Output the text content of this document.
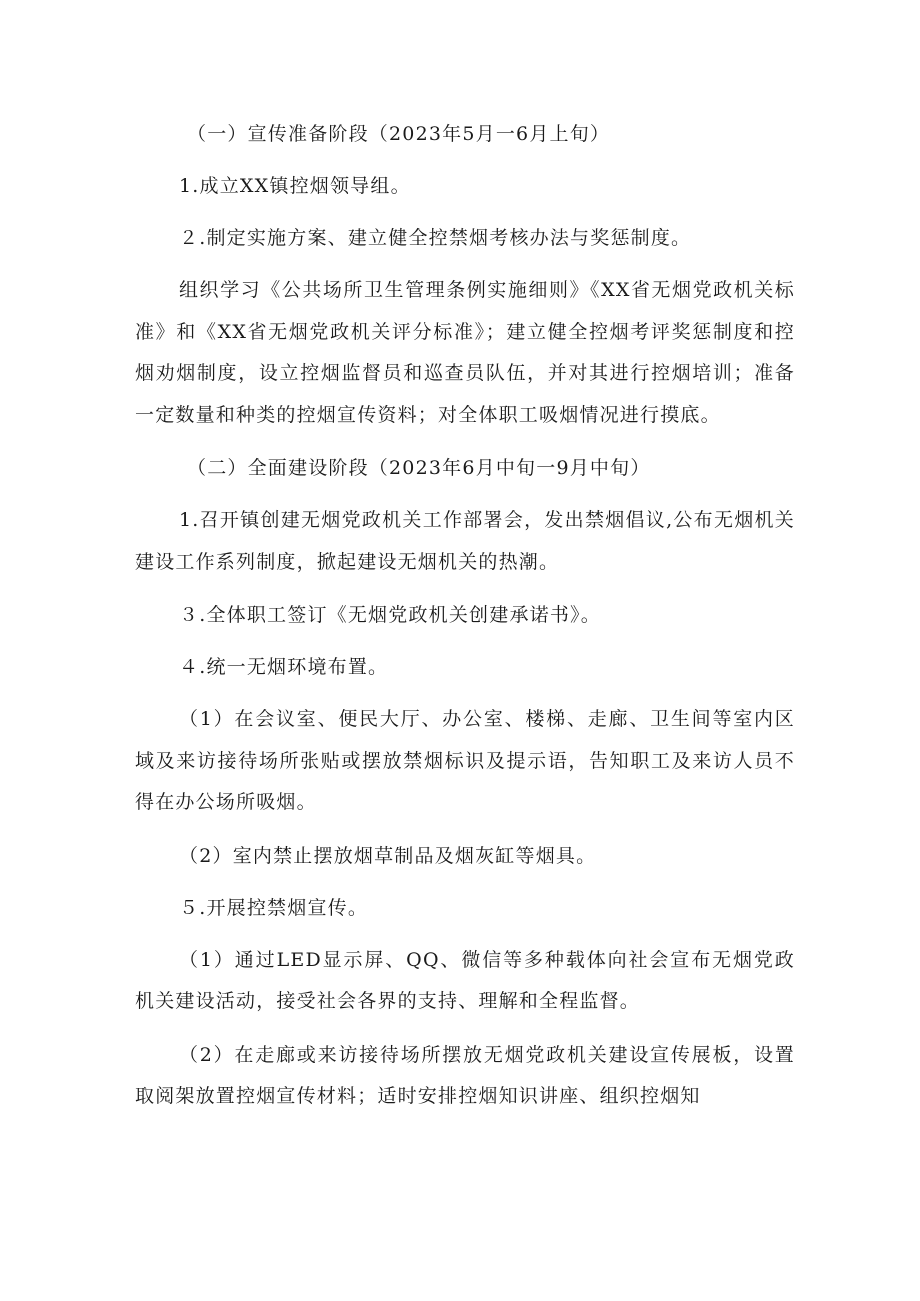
（一）宣传准备阶段（2023年5月一6月上旬）

1.成立XX镇控烟领导组。

２.制定实施方案、建立健全控禁烟考核办法与奖惩制度。

组织学习《公共场所卫生管理条例实施细则》《XX省无烟党政机关标准》和《XX省无烟党政机关评分标准》；建立健全控烟考评奖惩制度和控烟劝烟制度，设立控烟监督员和巡查员队伍，并对其进行控烟培训；准备一定数量和种类的控烟宣传资料；对全体职工吸烟情况进行摸底。

（二）全面建设阶段（2023年6月中旬一9月中旬）

1.召开镇创建无烟党政机关工作部署会，发出禁烟倡议,公布无烟机关建设工作系列制度，掀起建设无烟机关的热潮。

３.全体职工签订《无烟党政机关创建承诺书》。

４.统一无烟环境布置。

（1）在会议室、便民大厅、办公室、楼梯、走廊、卫生间等室内区域及来访接待场所张贴或摆放禁烟标识及提示语，告知职工及来访人员不得在办公场所吸烟。

（2）室内禁止摆放烟草制品及烟灰缸等烟具。

５.开展控禁烟宣传。

（1）通过LED显示屏、QQ、微信等多种载体向社会宣布无烟党政机关建设活动，接受社会各界的支持、理解和全程监督。

（2）在走廊或来访接待场所摆放无烟党政机关建设宣传展板，设置取阅架放置控烟宣传材料；适时安排控烟知识讲座、组织控烟知
